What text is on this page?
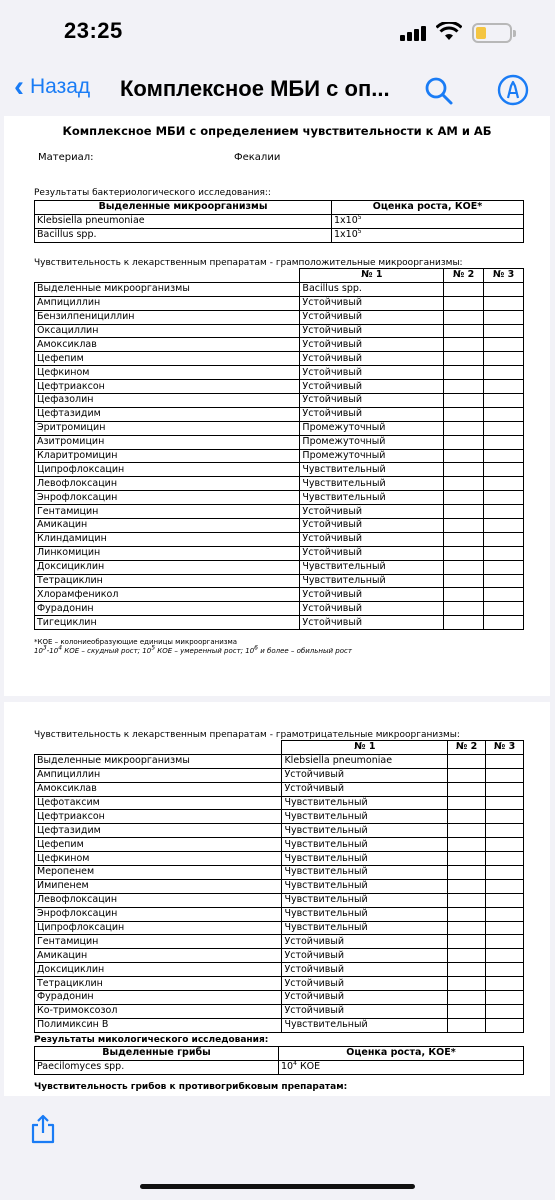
23:25
‹ Назад Комплексное МБИ с оп...
Комплексное МБИ с определением чувствительности к АМ и АБ
Материал:	Фекалии
Результаты бактериологического исследования::
Выделенные микроорганизмы	Оценка роста, КОЕ*
Klebsiella pneumoniae	$1x10^5$
Bacillus spp.	$1x10^5$
Чувствительность к лекарственным препаратам - грамположительные микроорганизмы:
	№ 1	№ 2	№ 3
Выделенные микроорганизмы	Bacillus spp.		
Ампициллин	Устойчивый		
Бензилпенициллин	Устойчивый		
Оксациллин	Устойчивый		
Амоксиклав	Устойчивый		
Цефепим	Устойчивый		
Цефкином	Устойчивый		
Цефтриаксон	Устойчивый		
Цефазолин	Устойчивый		
Цефтазидим	Устойчивый		
Эритромицин	Промежуточный		
Азитромицин	Промежуточный		
Кларитромицин	Промежуточный		
Ципрофлоксацин	Чувствительный		
Левофлоксацин	Чувствительный		
Энрофлоксацин	Чувствительный		
Гентамицин	Устойчивый		
Амикацин	Устойчивый		
Клиндамицин	Устойчивый		
Линкомицин	Устойчивый		
Доксициклин	Чувствительный		
Тетрациклин	Чувствительный		
Хлорамфеникол	Устойчивый		
Фурадонин	Устойчивый		
Тигециклин	Устойчивый		
*КОЕ – колониеобразующие единицы микроорганизма
$10^3-10^4$ КОЕ – скудный рост; $10^5$ КОЕ – умеренный рост; $10^6$ и более – обильный рост
Чувствительность к лекарственным препаратам - грамотрицательные микроорганизмы:
	№ 1	№ 2	№ 3
Выделенные микроорганизмы	Klebsiella pneumoniae		
Ампициллин	Устойчивый		
Амоксиклав	Устойчивый		
Цефотаксим	Чувствительный		
Цефтриаксон	Чувствительный		
Цефтазидим	Чувствительный		
Цефепим	Чувствительный		
Цефкином	Чувствительный		
Меропенем	Чувствительный		
Имипенем	Чувствительный		
Левофлоксацин	Чувствительный		
Энрофлоксацин	Чувствительный		
Ципрофлоксацин	Чувствительный		
Гентамицин	Устойчивый		
Амикацин	Устойчивый		
Доксициклин	Устойчивый		
Тетрациклин	Устойчивый		
Фурадонин	Устойчивый		
Ко-тримоксозол	Устойчивый		
Полимиксин В	Чувствительный		
Результаты микологического исследования:
Выделенные грибы	Оценка роста, КОЕ*
Paecilomyces spp.	$10^4$ КОЕ
Чувствительность грибов к противогрибковым препаратам:
